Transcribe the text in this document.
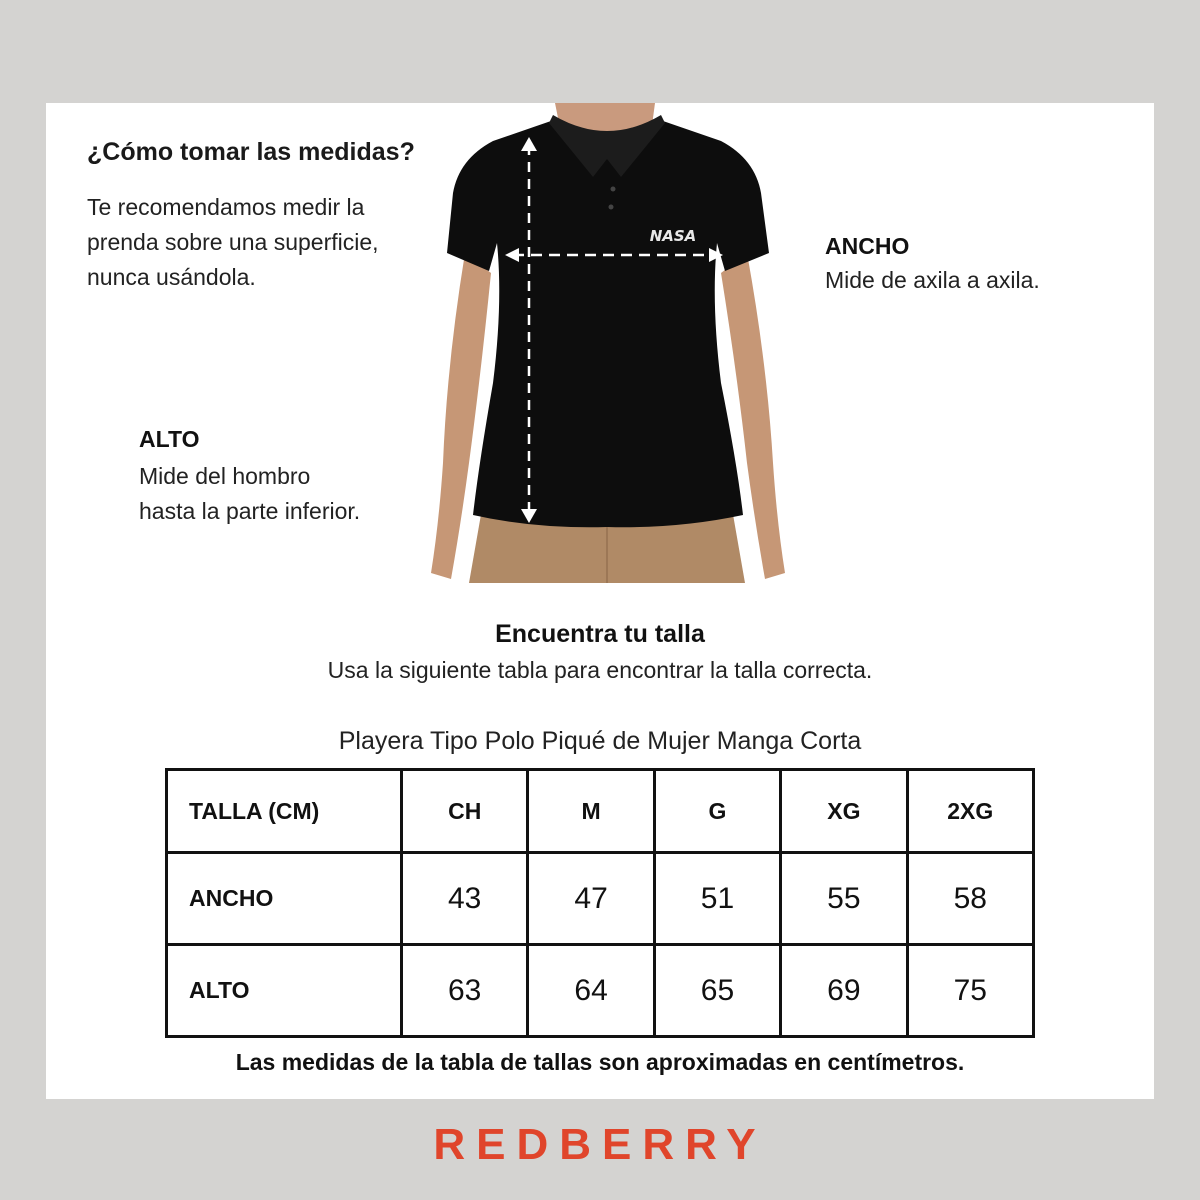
¿Cómo tomar las medidas?
Te recomendamos medir la prenda sobre una superficie, nunca usándola.
NASA	ANCHO
Mide de axila a axila.
ALTO
Mide del hombro
hasta la parte inferior.
Encuentra tu talla
Usa la siguiente tabla para encontrar la talla correcta.
Playera Tipo Polo Piqué de Mujer Manga Corta
TALLA (CM)	CH	M	G	XG	2XG
ANCHO	43	47	51	55	58
ALTO	63	64	65	69	75
Las medidas de la tabla de tallas son aproximadas en centímetros.
REDBERRY
